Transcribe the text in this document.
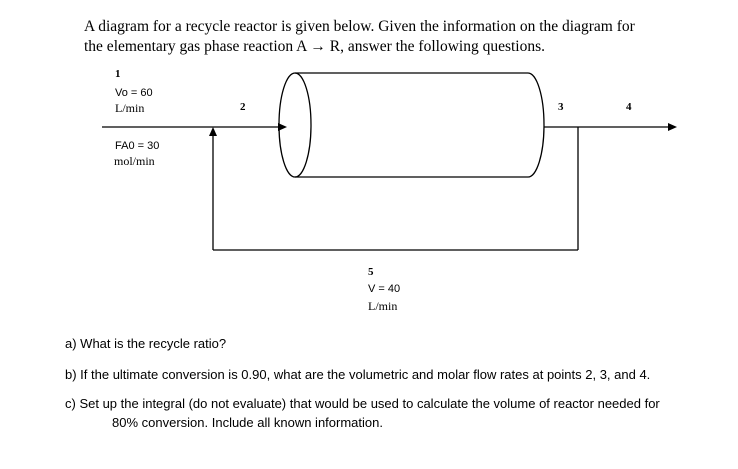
A diagram for a recycle reactor is given below. Given the information on the diagram for
the elementary gas phase reaction A → R, answer the following questions.
1
Vo = 60
L/min
FA0 = 30
mol/min
2	3	4
5
V = 40
L/min
a) What is the recycle ratio?
b) If the ultimate conversion is 0.90, what are the volumetric and molar flow rates at points 2, 3, and 4.
c) Set up the integral (do not evaluate) that would be used to calculate the volume of reactor needed for
80% conversion. Include all known information.
